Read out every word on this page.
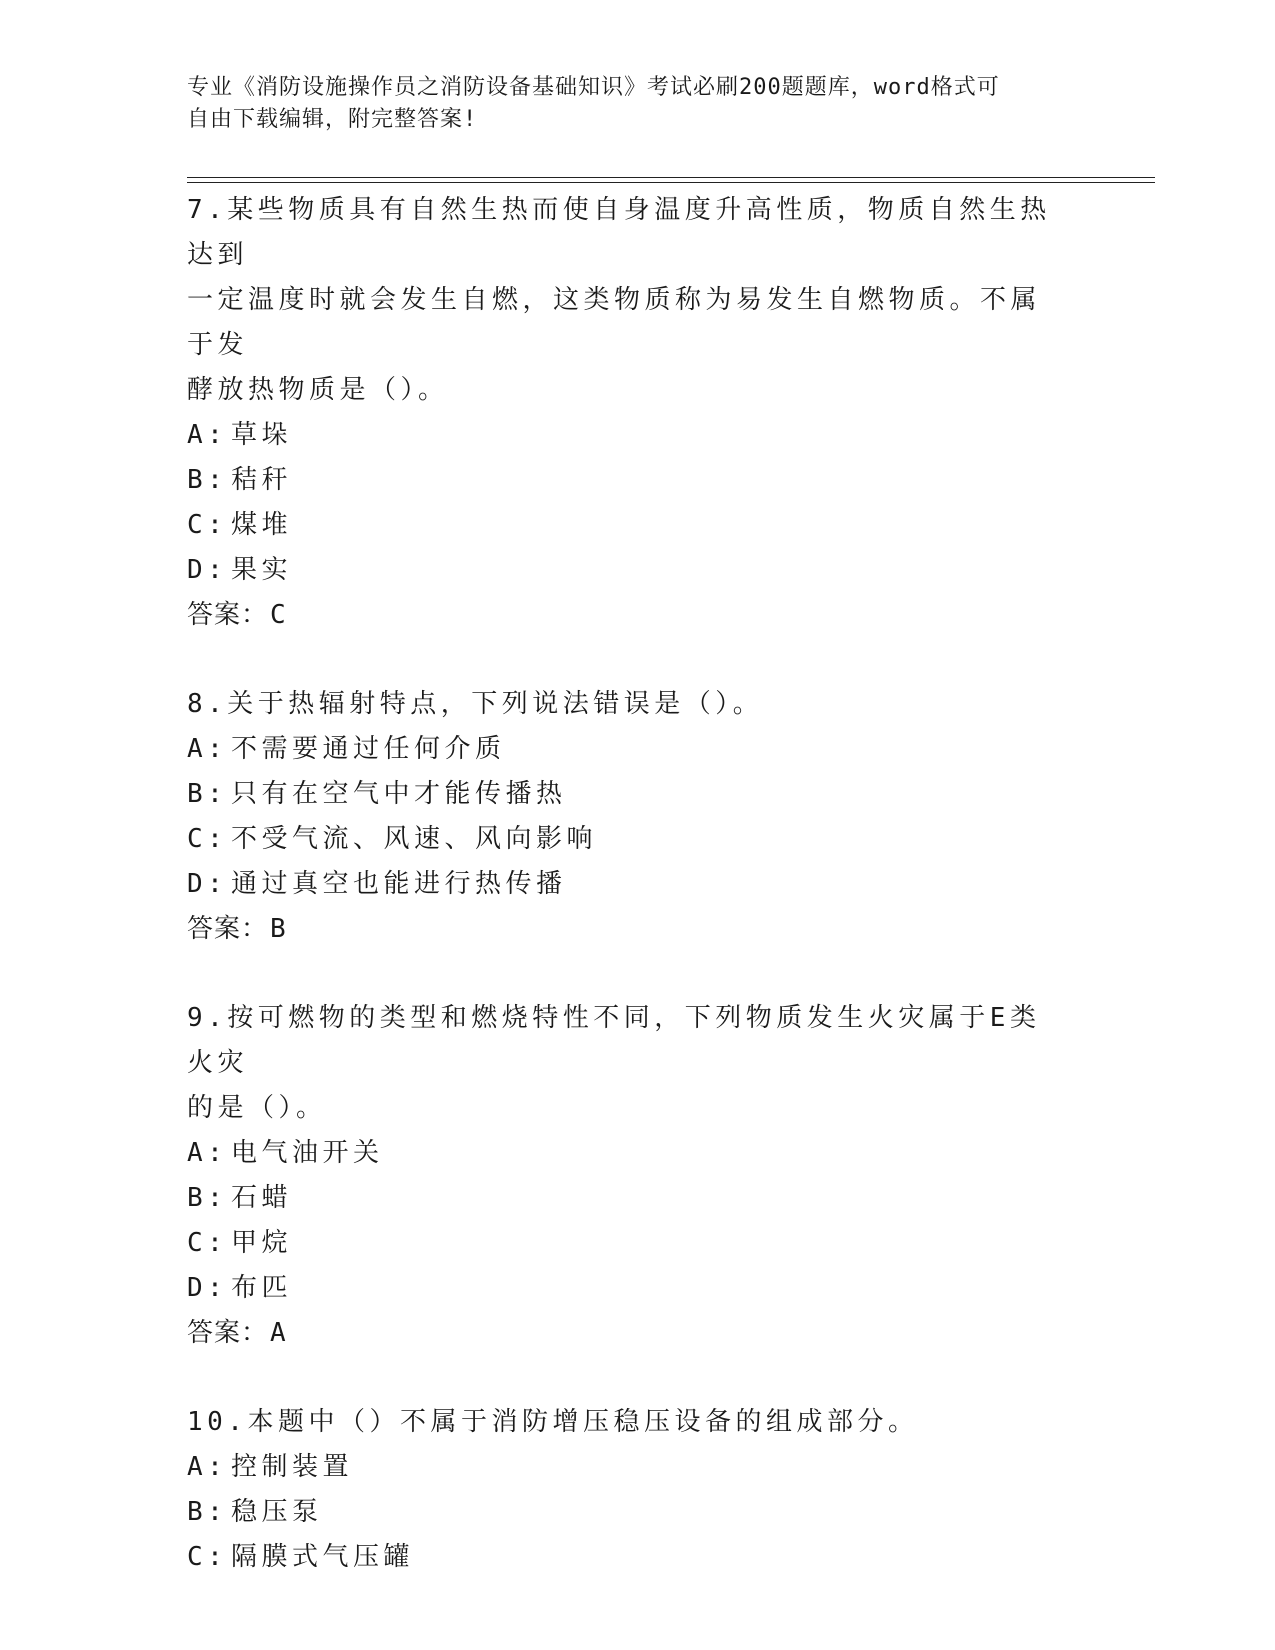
专业《消防设施操作员之消防设备基础知识》考试必刷200题题库，word格式可
自由下载编辑，附完整答案!

7.某些物质具有自然生热而使自身温度升高性质，物质自然生热达到

一定温度时就会发生自燃，这类物质称为易发生自燃物质。不属于发

酵放热物质是（）。

A: 草垛

B: 秸秆

C: 煤堆

D: 果实

答案：C

8.关于热辐射特点，下列说法错误是（）。

A: 不需要通过任何介质

B: 只有在空气中才能传播热

C: 不受气流、风速、风向影响

D: 通过真空也能进行热传播

答案：B

9.按可燃物的类型和燃烧特性不同，下列物质发生火灾属于E类火灾

的是（）。

A: 电气油开关

B: 石蜡

C: 甲烷

D: 布匹

答案：A

10.本题中（）不属于消防增压稳压设备的组成部分。

A: 控制装置

B: 稳压泵

C: 隔膜式气压罐
